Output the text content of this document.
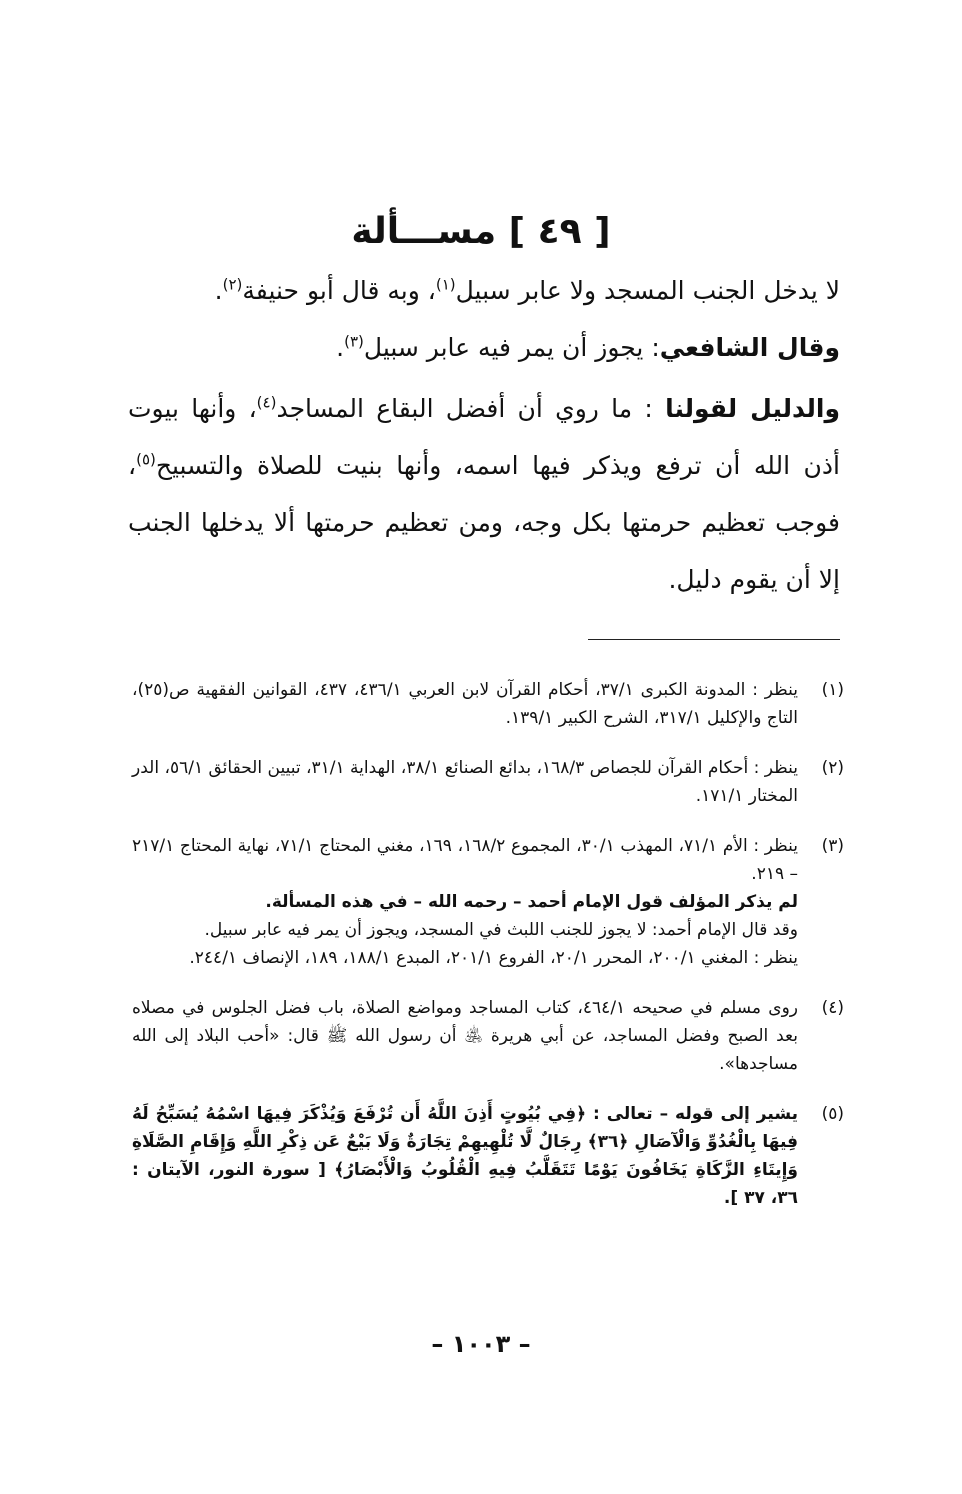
[ ٤٩ ] مســـألة

لا يدخل الجنب المسجد ولا عابر سبيل$^{(١)}$، وبه قال أبو حنيفة$^{(٢)}$.

وقال الشافعي: يجوز أن يمر فيه عابر سبيل$^{(٣)}$.

والدليل لقولنا : ما روي أن أفضل البقاع المساجد$^{(٤)}$، وأنها بيوت أذن الله أن ترفع ويذكر فيها اسمه، وأنها بنيت للصلاة والتسبيح$^{(٥)}$، فوجب تعظيم حرمتها بكل وجه، ومن تعظيم حرمتها ألا يدخلها الجنب إلا أن يقوم دليل.

(١)

ينظر : المدونة الكبرى ٣٧/١، أحكام القرآن لابن العربي ٤٣٦/١، ٤٣٧، القوانين الفقهية ص(٢٥)، التاج والإكليل ٣١٧/١، الشرح الكبير ١٣٩/١.

(٢)

ينظر : أحكام القرآن للجصاص ١٦٨/٣، بدائع الصنائع ٣٨/١، الهداية ٣١/١، تبيين الحقائق ٥٦/١، الدر المختار ١٧١/١.

(٣)

ينظر : الأم ٧١/١، المهذب ٣٠/١، المجموع ١٦٨/٢، ١٦٩، مغني المحتاج ٧١/١، نهاية المحتاج ٢١٧/١ – ٢١٩.

لم يذكر المؤلف قول الإمام أحمد – رحمه الله – في هذه المسألة.

وقد قال الإمام أحمد: لا يجوز للجنب اللبث في المسجد، ويجوز أن يمر فيه عابر سبيل.

ينظر : المغني ٢٠٠/١، المحرر ٢٠/١، الفروع ٢٠١/١، المبدع ١٨٨/١، ١٨٩، الإنصاف ٢٤٤/١.

(٤)

روى مسلم في صحيحه ٤٦٤/١، كتاب المساجد ومواضع الصلاة، باب فضل الجلوس في مصلاه بعد الصبح وفضل المساجد، عن أبي هريرة ﵁ أن رسول الله ﷺ قال: «أحب البلاد إلى الله مساجدها».

(٥)

يشير إلى قوله – تعالى : ﴿فِي بُيُوتٍ أَذِنَ اللَّهُ أَن تُرْفَعَ وَيُذْكَرَ فِيهَا اسْمُهُ يُسَبِّحُ لَهُ فِيهَا بِالْغُدُوِّ وَالْآصَالِ ﴿٣٦﴾ رِجَالٌ لَّا تُلْهِيهِمْ تِجَارَةٌ وَلَا بَيْعٌ عَن ذِكْرِ اللَّهِ وَإِقَامِ الصَّلَاةِ وَإِيتَاءِ الزَّكَاةِ يَخَافُونَ يَوْمًا تَتَقَلَّبُ فِيهِ الْقُلُوبُ وَالْأَبْصَارُ﴾ [ سورة النور، الآيتان : ٣٦، ٣٧ ].

– ١٠٠٣ –
